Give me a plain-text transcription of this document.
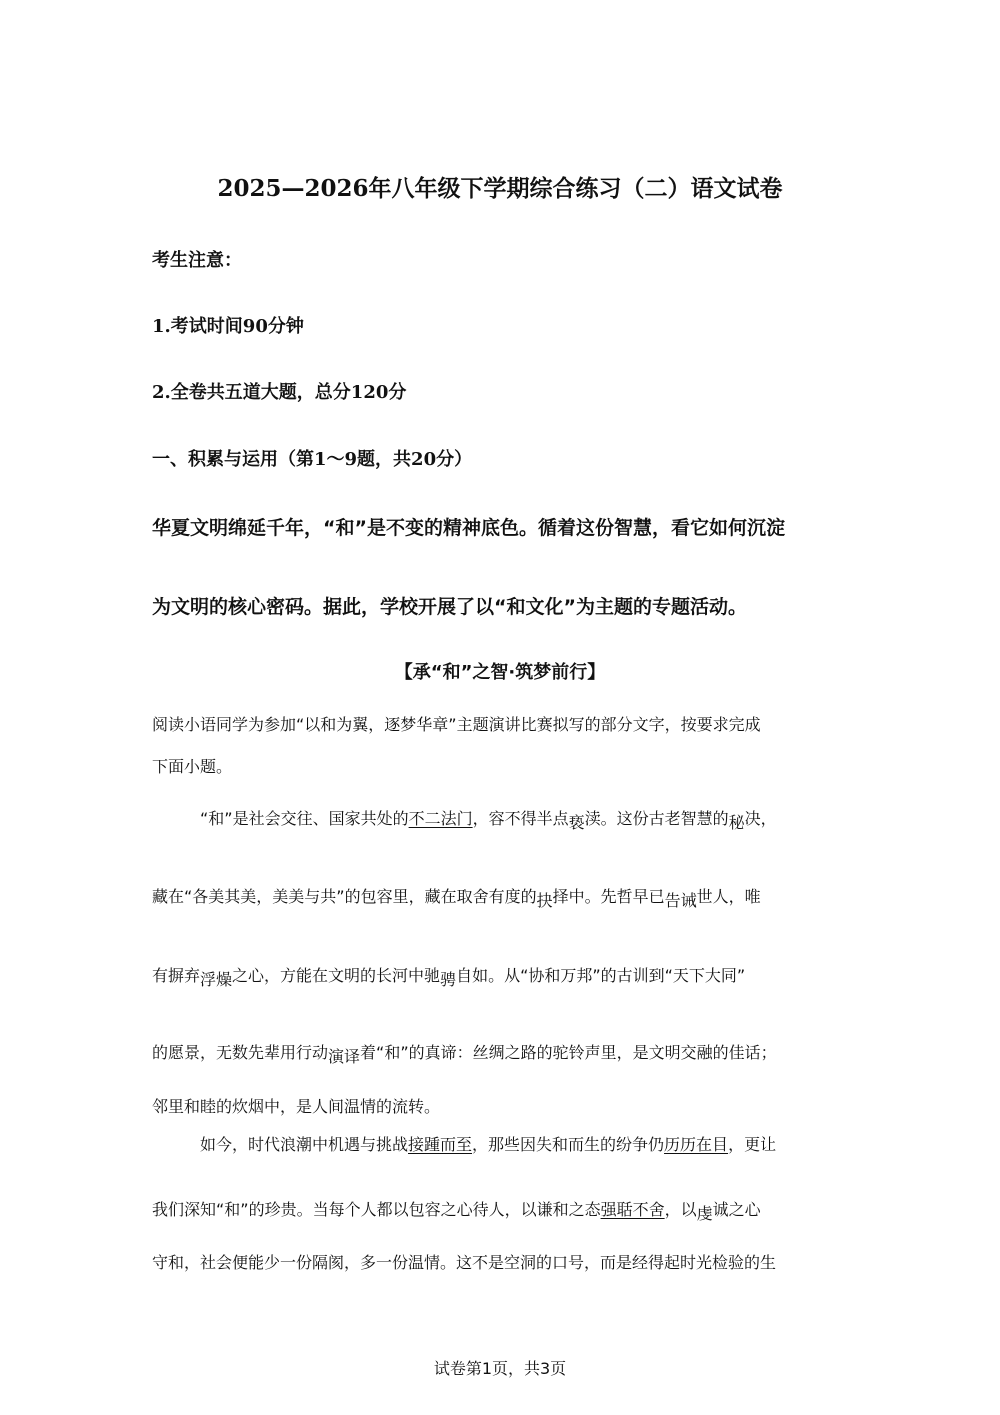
2025—2026年八年级下学期综合练习（二）语文试卷
考生注意：
1.考试时间90分钟
2.全卷共五道大题，总分120分
一、积累与运用（第1～9题，共20分）
华夏文明绵延千年，“和”是不变的精神底色。循着这份智慧，看它如何沉淀
为文明的核心密码。据此，学校开展了以“和文化”为主题的专题活动。
【承“和”之智·筑梦前行】
阅读小语同学为参加“以和为翼，逐梦华章”主题演讲比赛拟写的部分文字，按要求完成
下面小题。
“和”是社会交往、国家共处的不二法门，容不得半点亵渎。这份古老智慧的秘决，
藏在“各美其美，美美与共”的包容里，藏在取舍有度的抉择中。先哲早已告诫世人，唯
有摒弃浮燥之心，方能在文明的长河中驰骋自如。从“协和万邦”的古训到“天下大同”
的愿景，无数先辈用行动演译着“和”的真谛：丝绸之路的驼铃声里，是文明交融的佳话；
邻里和睦的炊烟中，是人间温情的流转。
如今，时代浪潮中机遇与挑战接踵而至，那些因失和而生的纷争仍历历在目，更让
我们深知“和”的珍贵。当每个人都以包容之心待人，以谦和之态强聒不舍，以虔诚之心
守和，社会便能少一份隔阂，多一份温情。这不是空洞的口号，而是经得起时光检验的生
试卷第1页，共3页
